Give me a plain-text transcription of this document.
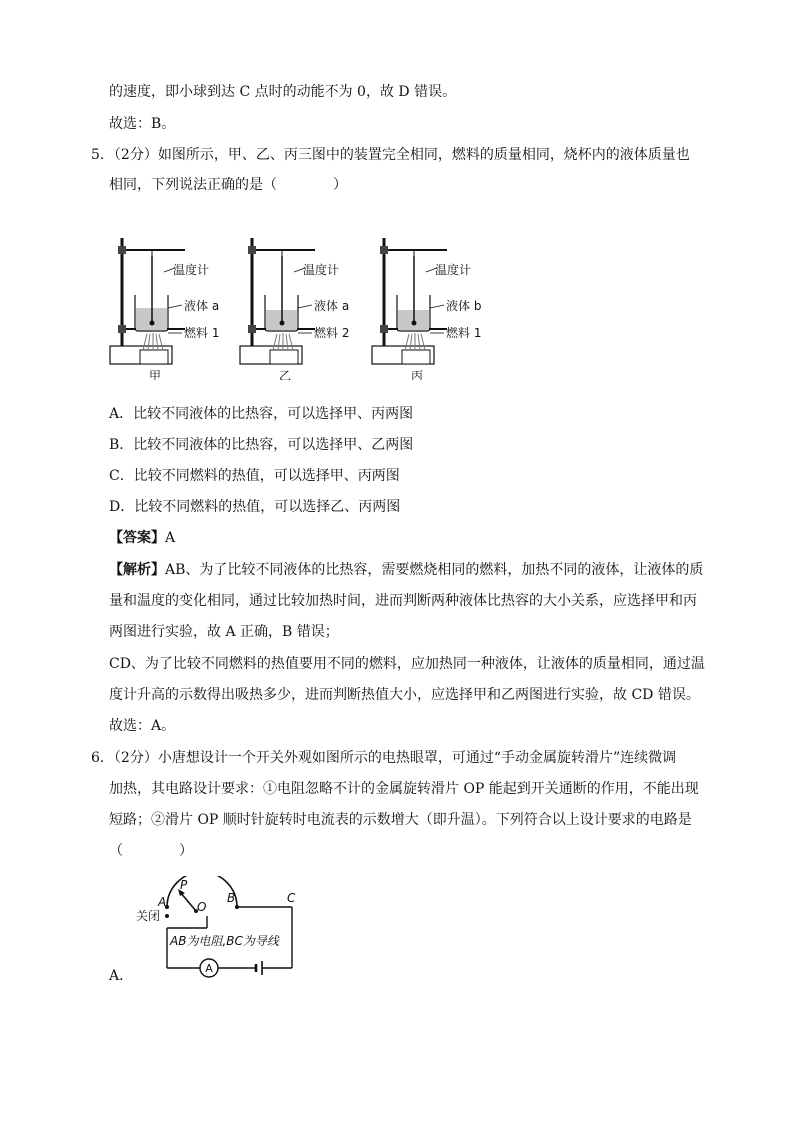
的速度，即小球到达 C 点时的动能不为 0，故 D 错误。
故选：B。
5．（2分）如图所示，甲、乙、丙三图中的装置完全相同，燃料的质量相同，烧杯内的液体质量也
相同，下列说法正确的是（　　　　）
温度计
液体 a
燃料 1
甲
温度计
液体 a
燃料 2
乙
温度计
液体 b
燃料 1
丙
A．比较不同液体的比热容，可以选择甲、丙两图
B．比较不同液体的比热容，可以选择甲、乙两图
C．比较不同燃料的热值，可以选择甲、丙两图
D．比较不同燃料的热值，可以选择乙、丙两图
【答案】A
【解析】AB、为了比较不同液体的比热容，需要燃烧相同的燃料，加热不同的液体，让液体的质
量和温度的变化相同，通过比较加热时间，进而判断两种液体比热容的大小关系，应选择甲和丙
两图进行实验，故 A 正确，B 错误；
CD、为了比较不同燃料的热值要用不同的燃料，应加热同一种液体，让液体的质量相同，通过温
度计升高的示数得出吸热多少，进而判断热值大小，应选择甲和乙两图进行实验，故 CD 错误。
故选：A。
6．（2分）小唐想设计一个开关外观如图所示的电热眼罩，可通过“手动金属旋转滑片”连续微调
加热，其电路设计要求：①电阻忽略不计的金属旋转滑片 OP 能起到开关通断的作用，不能出现
短路；②滑片 OP 顺时针旋转时电流表的示数增大（即升温）。下列符合以上设计要求的电路是
（　　　　）
A
A
P
O
B	C
关闭
AB为电阻,BC为导线
A．
